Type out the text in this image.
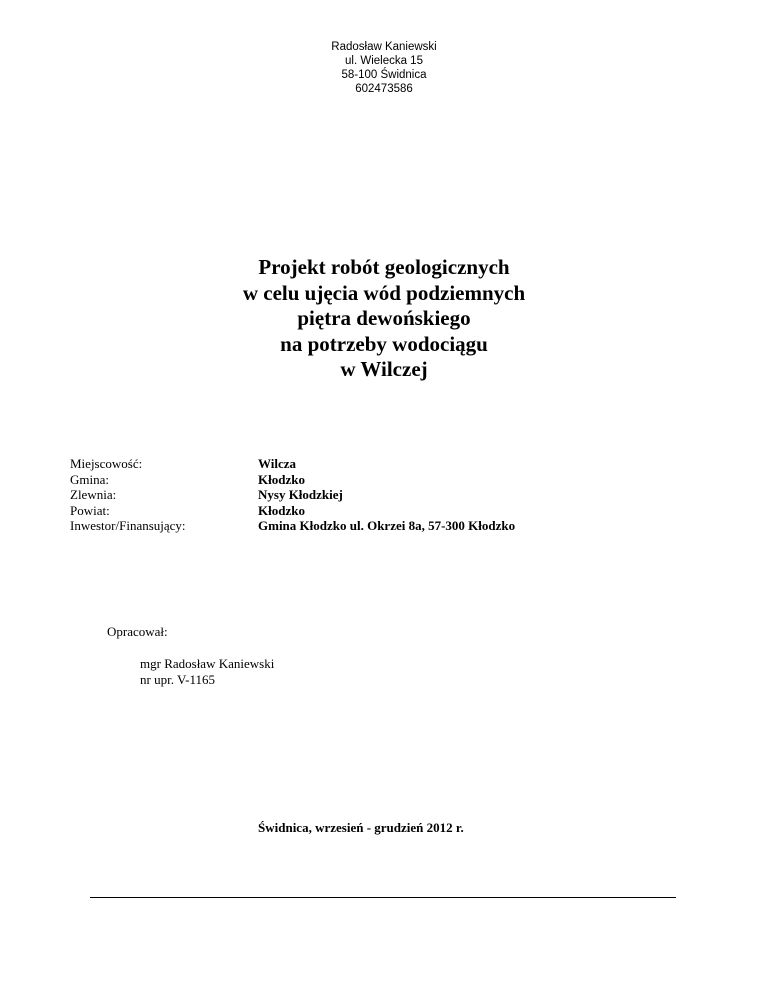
Radosław Kaniewski
ul. Wielecka 15
58-100 Świdnica
602473586
Projekt robót geologicznych
w celu ujęcia wód podziemnych
piętra dewońskiego
na potrzeby wodociągu
w Wilczej
Miejscowość:	Wilcza
Gmina:	Kłodzko
Zlewnia:	Nysy Kłodzkiej
Powiat:	Kłodzko
Inwestor/Finansujący:	Gmina Kłodzko ul. Okrzei 8a, 57-300 Kłodzko
Opracował:
mgr Radosław Kaniewski
nr upr. V-1165
Świdnica, wrzesień - grudzień 2012 r.
